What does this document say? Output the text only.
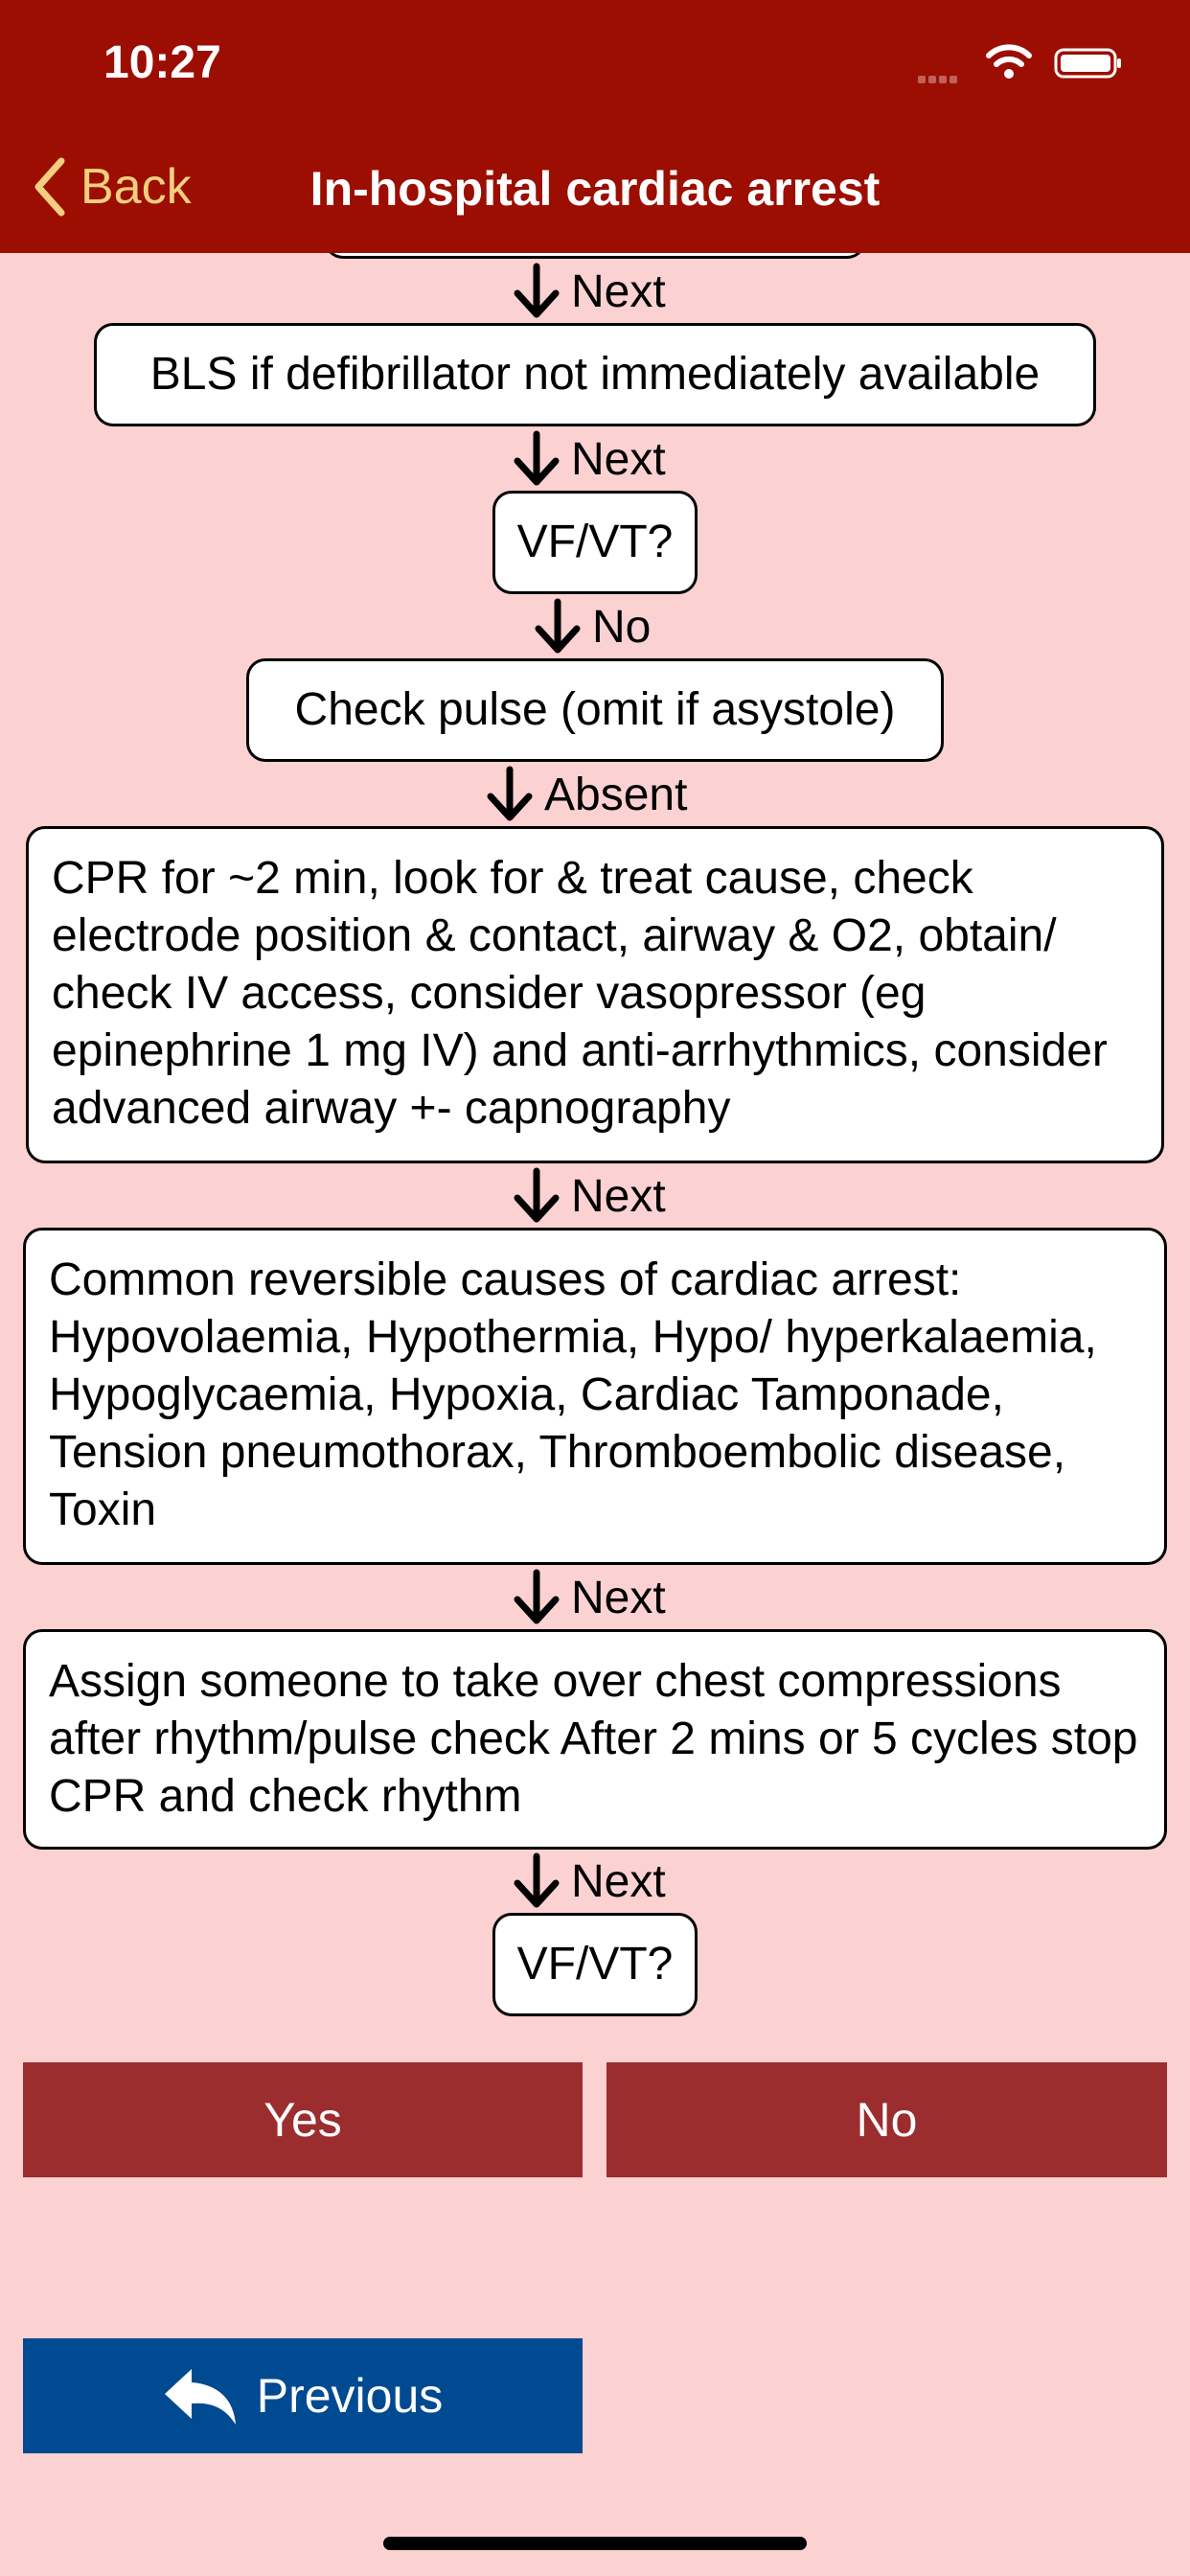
Next
BLS if defibrillator not immediately available
Next
VF/VT?
No
Check pulse (omit if asystole)
Absent
CPR for ~2 min, look for & treat cause, check electrode position & contact, airway & O2, obtain/ check IV access, consider vasopressor (eg epinephrine 1 mg IV) and anti-arrhythmics, consider advanced airway +- capnography
Next
Common reversible causes of cardiac arrest: Hypovolaemia, Hypothermia, Hypo/ hyperkalaemia, Hypoglycaemia, Hypoxia, Cardiac Tamponade, Tension pneumothorax, Thromboembolic disease, Toxin
Next
Assign someone to take over chest compressions after rhythm/pulse check After 2 mins or 5 cycles stop CPR and check rhythm
Next
VF/VT?
Yes	No
Previous
10:27
Back	In-hospital cardiac arrest
